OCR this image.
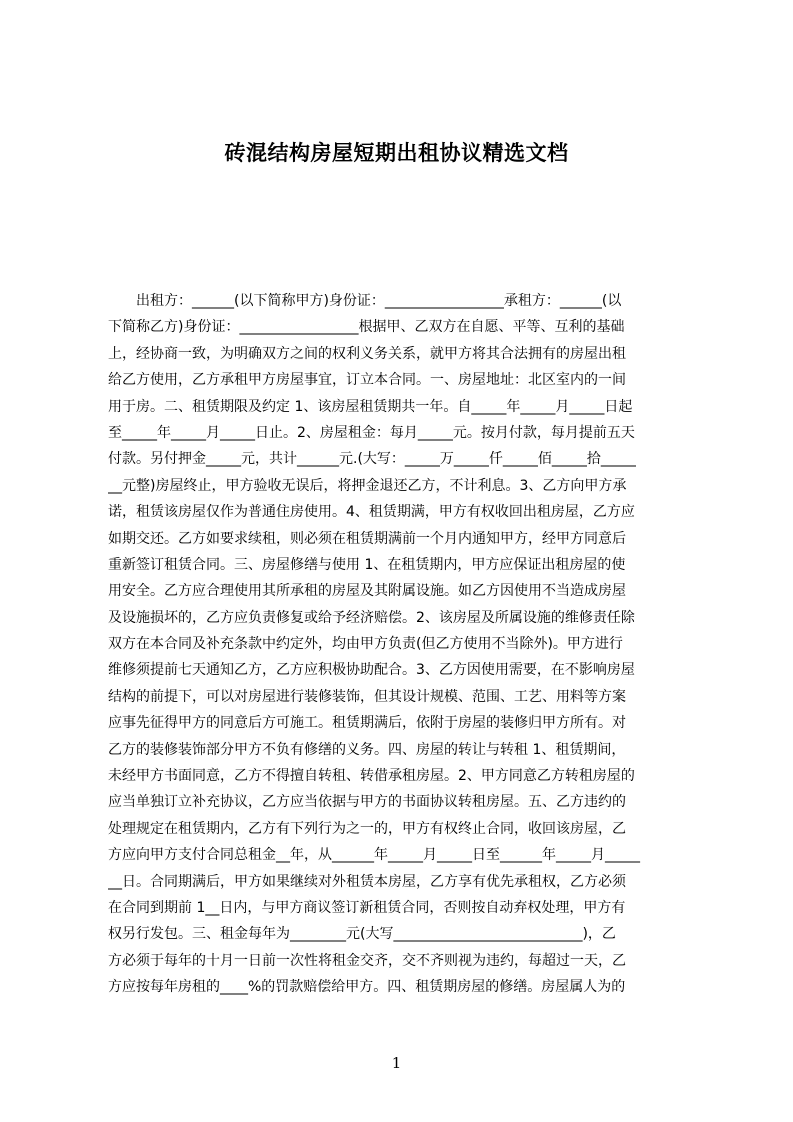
砖混结构房屋短期出租协议精选文档
　　出租方：______(以下简称甲方)身份证：_________________承租方：______(以
下简称乙方)身份证：_________________根据甲、乙双方在自愿、平等、互利的基础
上，经协商一致，为明确双方之间的权利义务关系，就甲方将其合法拥有的房屋出租
给乙方使用，乙方承租甲方房屋事宜，订立本合同。一、房屋地址：北区室内的一间
用于房。二、租赁期限及约定 1、该房屋租赁期共一年。自_____年_____月_____日起
至_____年_____月_____日止。2、房屋租金：每月_____元。按月付款，每月提前五天
付款。另付押金_____元，共计______元.(大写：_____万_____仟_____佰_____拾_____
__元整)房屋终止，甲方验收无误后，将押金退还乙方，不计利息。3、乙方向甲方承
诺，租赁该房屋仅作为普通住房使用。4、租赁期满，甲方有权收回出租房屋，乙方应
如期交还。乙方如要求续租，则必须在租赁期满前一个月内通知甲方，经甲方同意后
重新签订租赁合同。三、房屋修缮与使用 1、在租赁期内，甲方应保证出租房屋的使
用安全。乙方应合理使用其所承租的房屋及其附属设施。如乙方因使用不当造成房屋
及设施损坏的，乙方应负责修复或给予经济赔偿。2、该房屋及所属设施的维修责任除
双方在本合同及补充条款中约定外，均由甲方负责(但乙方使用不当除外)。甲方进行
维修须提前七天通知乙方，乙方应积极协助配合。3、乙方因使用需要，在不影响房屋
结构的前提下，可以对房屋进行装修装饰，但其设计规模、范围、工艺、用料等方案
应事先征得甲方的同意后方可施工。租赁期满后，依附于房屋的装修归甲方所有。对
乙方的装修装饰部分甲方不负有修缮的义务。四、房屋的转让与转租 1、租赁期间，
未经甲方书面同意，乙方不得擅自转租、转借承租房屋。2、甲方同意乙方转租房屋的
应当单独订立补充协议，乙方应当依据与甲方的书面协议转租房屋。五、乙方违约的
处理规定在租赁期内，乙方有下列行为之一的，甲方有权终止合同，收回该房屋，乙
方应向甲方支付合同总租金__年，从______年_____月_____日至______年_____月_____
__日。合同期满后，甲方如果继续对外租赁本房屋，乙方享有优先承租权，乙方必须
在合同到期前 1__日内，与甲方商议签订新租赁合同，否则按自动弃权处理，甲方有
权另行发包。三、租金每年为________元(大写___________________________)，乙
方必须于每年的十月一日前一次性将租金交齐，交不齐则视为违约，每超过一天，乙
方应按每年房租的____%的罚款赔偿给甲方。四、租赁期房屋的修缮。房屋属人为的
1
